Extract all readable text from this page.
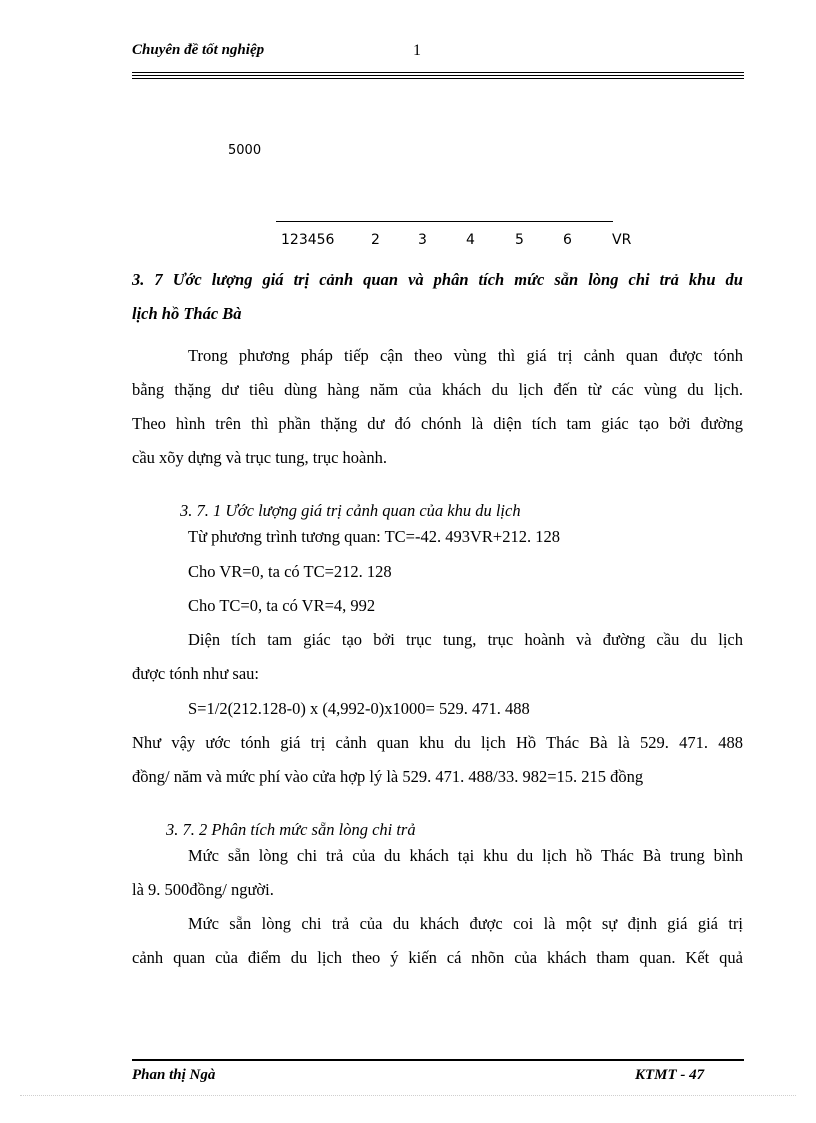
Chuyên đề tốt nghiệp	1
5000
123456	2	3	4	5	6	VR
3. 7 Ước lượng giá trị cảnh quan và phân tích mức sẵn lòng chi trả khu du
lịch hồ Thác Bà
Trong phương pháp tiếp cận theo vùng thì giá trị cảnh quan được tónh
bằng thặng dư tiêu dùng hàng năm của khách du lịch đến từ các vùng du lịch.
Theo hình trên thì phần thặng dư đó chónh là diện tích tam giác tạo bởi đường
cầu xõy dựng và trục tung, trục hoành.
3. 7. 1 Ước lượng giá trị cảnh quan của khu du lịch
Từ phương trình tương quan: TC=-42. 493VR+212. 128
Cho VR=0, ta có TC=212. 128
Cho TC=0, ta có VR=4, 992
Diện tích tam giác tạo bởi trục tung, trục hoành và đường cầu du lịch
được tónh như sau:
S=1/2(212.128-0) x (4,992-0)x1000= 529. 471. 488
Như vậy ước tónh giá trị cảnh quan khu du lịch Hồ Thác Bà là 529. 471. 488
đồng/ năm và mức phí vào cửa hợp lý là 529. 471. 488/33. 982=15. 215 đồng
3. 7. 2 Phân tích mức sẵn lòng chi trả
Mức sẵn lòng chi trả của du khách tại khu du lịch hồ Thác Bà trung bình
là 9. 500đồng/ người.
Mức sẵn lòng chi trả của du khách được coi là một sự định giá giá trị
cảnh quan của điểm du lịch theo ý kiến cá nhõn của khách tham quan. Kết quả
Phan thị Ngà	KTMT - 47
